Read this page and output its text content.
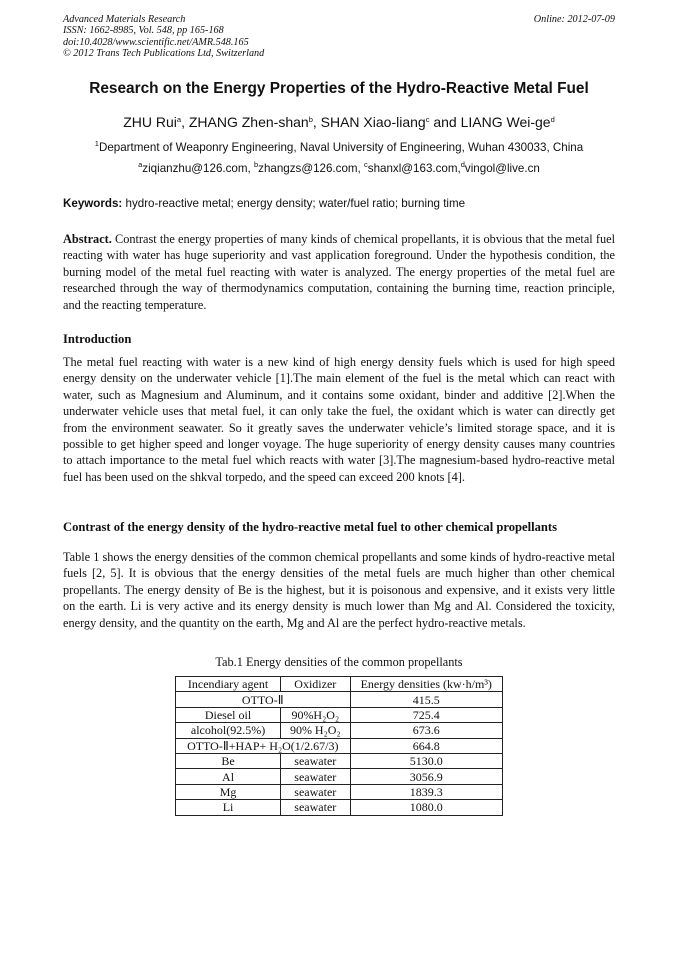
Advanced Materials Research
ISSN: 1662-8985, Vol. 548, pp 165-168
doi:10.4028/www.scientific.net/AMR.548.165
© 2012 Trans Tech Publications Ltd, Switzerland
Online: 2012-07-09
Research on the Energy Properties of the Hydro-Reactive Metal Fuel
ZHU Rui$^a$, ZHANG Zhen-shan$^b$, SHAN Xiao-liang$^c$ and LIANG Wei-$ge^d$
$^1$Department of Weaponry Engineering, Naval University of Engineering, Wuhan 430033, China
$^a$ziqianzhu@126.com, $^b$zhangzs@126.com, $^c$shanxl@163.com,$^d$vingol@live.cn
Keywords: hydro-reactive metal; energy density; water/fuel ratio; burning time
Abstract. Contrast the energy properties of many kinds of chemical propellants, it is obvious that the metal fuel reacting with water has huge superiority and vast application foreground. Under the hypothesis condition, the burning model of the metal fuel reacting with water is analyzed. The energy properties of the metal fuel are researched through the way of thermodynamics computation, containing the burning time, reaction principle, and the reacting temperature.
Introduction
The metal fuel reacting with water is a new kind of high energy density fuels which is used for high speed energy density on the underwater vehicle [1].The main element of the fuel is the metal which can react with water, such as Magnesium and Aluminum, and it contains some oxidant, binder and additive [2].When the underwater vehicle uses that metal fuel, it can only take the fuel, the oxidant which is water can directly get from the environment seawater. So it greatly saves the underwater vehicle’s limited storage space, and it is possible to get higher speed and longer voyage. The huge superiority of energy density causes many countries to attach importance to the metal fuel which reacts with water [3].The magnesium-based hydro-reactive metal fuel has been used on the shkval torpedo, and the speed can exceed 200 knots [4].
Contrast of the energy density of the hydro-reactive metal fuel to other chemical propellants
Table 1 shows the energy densities of the common chemical propellants and some kinds of hydro-reactive metal fuels [2, 5]. It is obvious that the energy densities of the metal fuels are much higher than other chemical propellants. The energy density of Be is the highest, but it is poisonous and expensive, and it exists very little on the earth. Li is very active and its energy density is much lower than Mg and Al. Considered the toxicity, energy density, and the quantity on the earth, Mg and Al are the perfect hydro-reactive metals.
Tab.1 Energy densities of the common propellants
Incendiary agent	Oxidizer	Energy densities (kw·h/m³)
OTTO-Ⅱ		415.5
Diesel oil	90%H₂O₂	725.4
alcohol(92.5%)	90% H₂O₂	673.6
OTTO-Ⅱ+HAP+ H₂O(1/2.67/3)		664.8
Be	seawater	5130.0
Al	seawater	3056.9
Mg	seawater	1839.3
Li	seawater	1080.0
